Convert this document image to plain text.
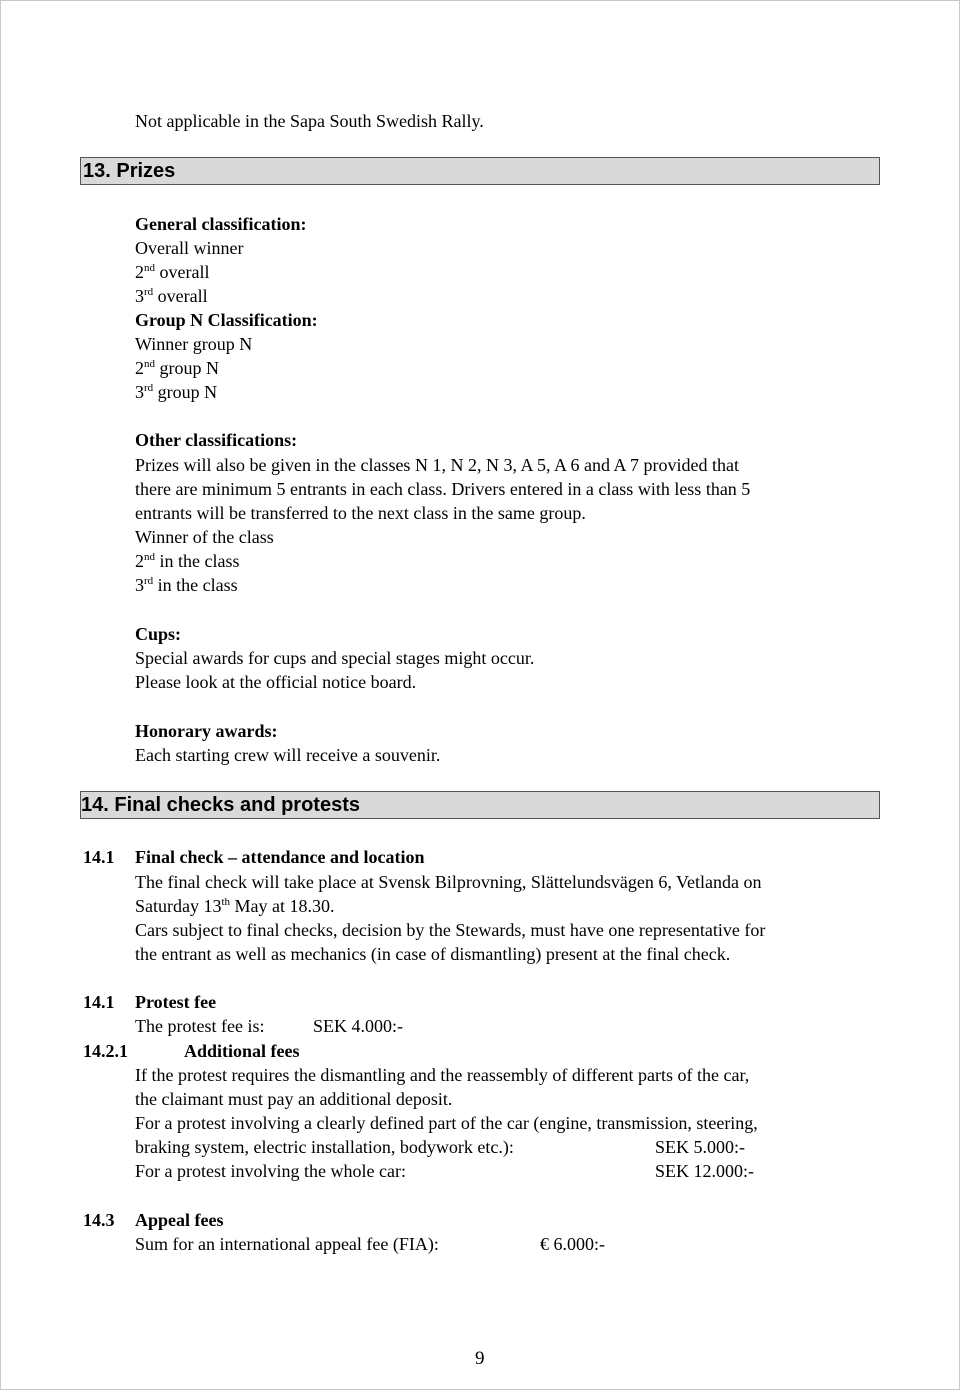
Not applicable in the Sapa South Swedish Rally.
13. Prizes
General classification:
Overall winner
2nd overall
3rd overall
Group N Classification:
Winner group N
2nd group N
3rd group N
Other classifications:
Prizes will also be given in the classes N 1, N 2, N 3, A 5, A 6 and A 7 provided that
there are minimum 5 entrants in each class. Drivers entered in a class with less than 5
entrants will be transferred to the next class in the same group.
Winner of the class
2nd in the class
3rd in the class
Cups:
Special awards for cups and special stages might occur.
Please look at the official notice board.
Honorary awards:
Each starting crew will receive a souvenir.
14. Final checks and protests
14.1 Final check – attendance and location
The final check will take place at Svensk Bilprovning, Slättelundsvägen 6, Vetlanda on
Saturday 13th May at 18.30.
Cars subject to final checks, decision by the Stewards, must have one representative for
the entrant as well as mechanics (in case of dismantling) present at the final check.
14.1 Protest fee
The protest fee is:	SEK 4.000:-
14.2.1	Additional fees
If the protest requires the dismantling and the reassembly of different parts of the car,
the claimant must pay an additional deposit.
For a protest involving a clearly defined part of the car (engine, transmission, steering,
braking system, electric installation, bodywork etc.):	SEK 5.000:-
For a protest involving the whole car:	SEK 12.000:-
14.3 Appeal fees
Sum for an international appeal fee (FIA):	€ 6.000:-
9
